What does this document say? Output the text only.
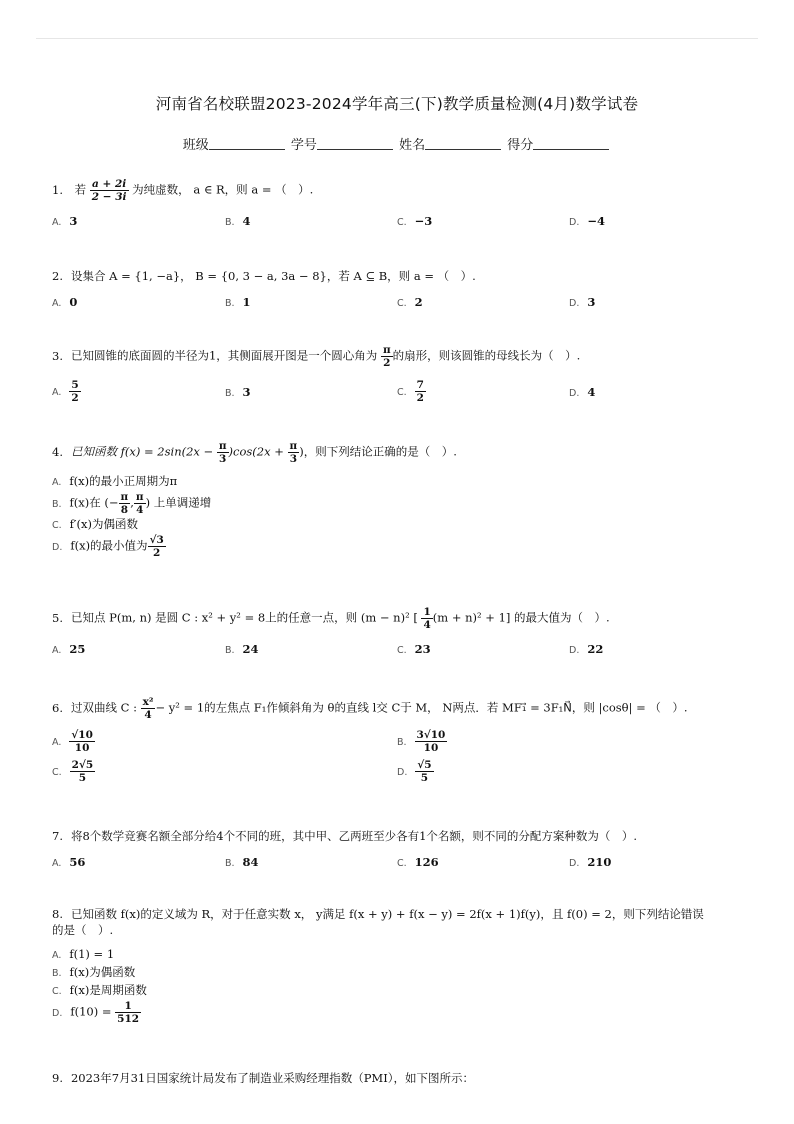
河南省名校联盟2023-2024学年高三(下)教学质量检测(4月)数学试卷
班级	学号	姓名	得分
1. 若 $\frac{a + 2i}{2 - 3i}$ 为纯虚数， a ∈ R，则 a = （　）.
A. 3	B. 4	C. −3	D. −4
2. 设集合 A = {1, −a}， B = {0, 3 − a, 3a − 8}，若 A ⊆ B，则 a = （　）.
A. 0	B. 1	C. 2	D. 3
3. 已知圆锥的底面圆的半径为1，其侧面展开图是一个圆心角为 $\frac{\pi}{2}$ 的扇形，则该圆锥的母线长为（　）.
A. $\frac{5}{2}$	B. 3	C. $\frac{7}{2}$	D. 4
4. 已知函数 $f(x) = 2\sin(2x - \frac{\pi}{3} )\cos(2x + \frac{\pi}{3}$ )，则下列结论正确的是（　）.
A. f(x)的最小正周期为π
B. f(x)在 (− $\frac{\pi}{8}$ , $\frac{\pi}{4}$ ) 上单调递增
C. f′(x)为偶函数
D. f(x)的最小值为 $\frac{√3}{2}$
5. 已知点 P(m, n) 是圆 C : x² + y² = 8上的任意一点，则 (m − n)² [ $\frac{1}{4} (m + n)^2 + 1$] 的最大值为（　）.
A. 25	B. 24	C. 23	D. 22
6. 过双曲线 C : $\frac{\text{x²}}{4} - y^2 = 1$的左焦点 F₁作倾斜角为 θ的直线 l交 C于 M， N两点．若 MF₁⃗ = 3F₁N⃗，则 |cosθ| = （　）.
A. $\frac{√10}{10}$	B. $\frac{3√10}{10}$
C. $\frac{2√5}{5}$	D. $\frac{√5}{5}$
7. 将8个数学竞赛名额全部分给4个不同的班，其中甲、乙两班至少各有1个名额，则不同的分配方案种数为（　）.
A. 56	B. 84	C. 126	D. 210
8. 已知函数 f(x)的定义域为 R，对于任意实数 x， y满足 f(x + y) + f(x − y) = 2f(x + 1)f(y)，且 f(0) = 2，则下列结论错误
的是（　）.
A. f(1) = 1
B. f(x)为偶函数
C. f(x)是周期函数
D. $f(10) = \frac{1}{512}$
9. 2023年7月31日国家统计局发布了制造业采购经理指数（PMI），如下图所示：
